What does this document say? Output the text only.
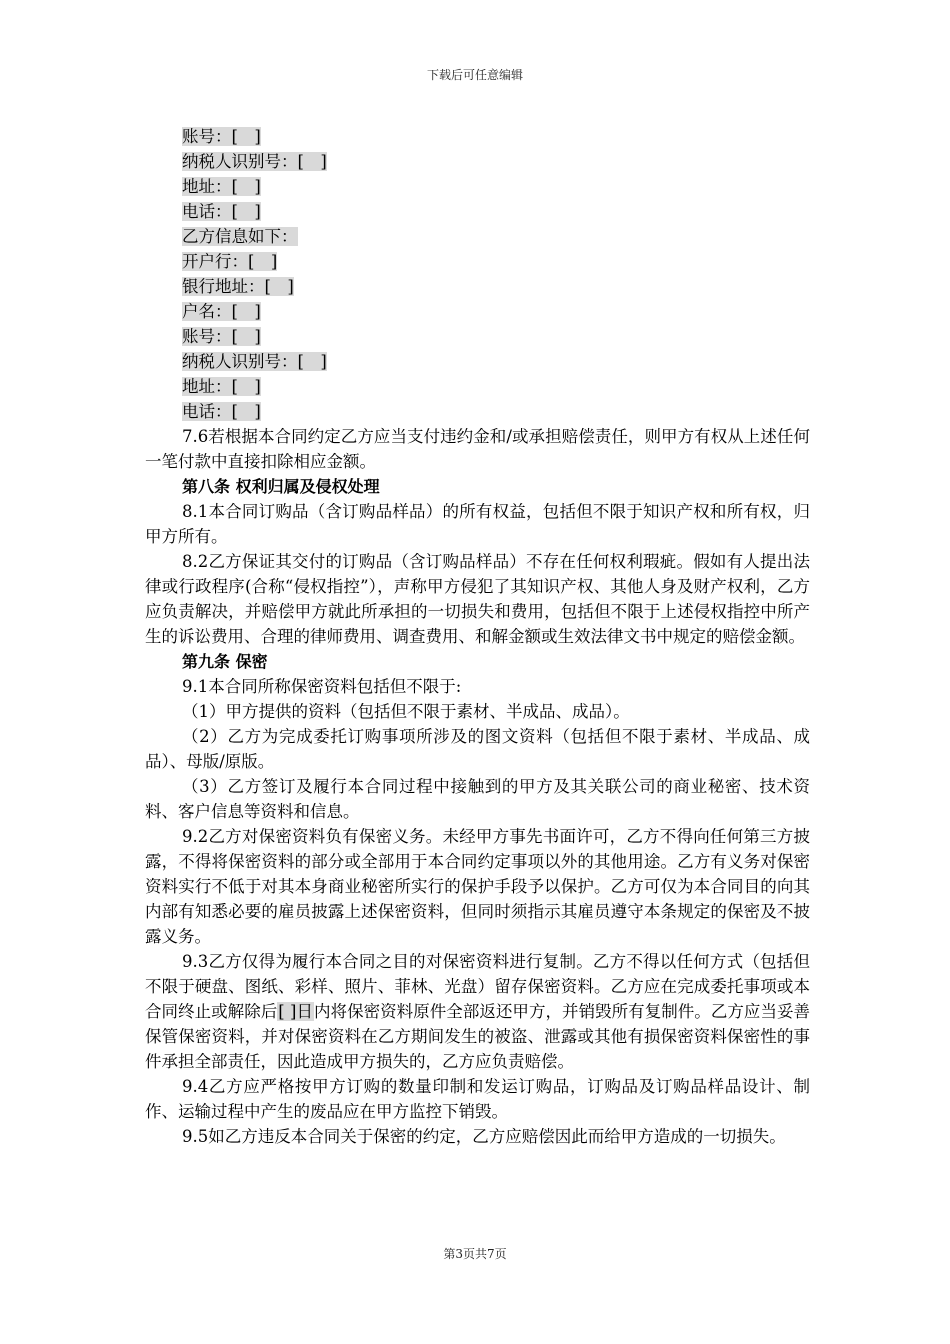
下载后可任意编辑

账号：[　]

纳税人识别号：[　]

地址：[　]

电话：[　]

乙方信息如下：

开户行：[　]

银行地址：[　]

户名：[　]

账号：[　]

纳税人识别号：[　]

地址：[　]

电话：[　]

7.6若根据本合同约定乙方应当支付违约金和/或承担赔偿责任，则甲方有权从上述任何一笔付款中直接扣除相应金额。

第八条 权利归属及侵权处理

8.1本合同订购品（含订购品样品）的所有权益，包括但不限于知识产权和所有权，归甲方所有。

8.2乙方保证其交付的订购品（含订购品样品）不存在任何权利瑕疵。假如有人提出法律或行政程序(合称“侵权指控”），声称甲方侵犯了其知识产权、其他人身及财产权利，乙方应负责解决，并赔偿甲方就此所承担的一切损失和费用，包括但不限于上述侵权指控中所产生的诉讼费用、合理的律师费用、调查费用、和解金额或生效法律文书中规定的赔偿金额。

第九条 保密

9.1本合同所称保密资料包括但不限于:

（1）甲方提供的资料（包括但不限于素材、半成品、成品）。

（2）乙方为完成委托订购事项所涉及的图文资料（包括但不限于素材、半成品、成品）、母版/原版。

（3）乙方签订及履行本合同过程中接触到的甲方及其关联公司的商业秘密、技术资料、客户信息等资料和信息。

9.2乙方对保密资料负有保密义务。未经甲方事先书面许可，乙方不得向任何第三方披露，不得将保密资料的部分或全部用于本合同约定事项以外的其他用途。乙方有义务对保密资料实行不低于对其本身商业秘密所实行的保护手段予以保护。乙方可仅为本合同目的向其内部有知悉必要的雇员披露上述保密资料，但同时须指示其雇员遵守本条规定的保密及不披露义务。

9.3乙方仅得为履行本合同之目的对保密资料进行复制。乙方不得以任何方式（包括但不限于硬盘、图纸、彩样、照片、菲林、光盘）留存保密资料。乙方应在完成委托事项或本合同终止或解除后[ ]日内将保密资料原件全部返还甲方，并销毁所有复制件。乙方应当妥善保管保密资料，并对保密资料在乙方期间发生的被盗、泄露或其他有损保密资料保密性的事件承担全部责任，因此造成甲方损失的，乙方应负责赔偿。

9.4乙方应严格按甲方订购的数量印制和发运订购品，订购品及订购品样品设计、制作、运输过程中产生的废品应在甲方监控下销毁。

9.5如乙方违反本合同关于保密的约定，乙方应赔偿因此而给甲方造成的一切损失。

第3页共7页
